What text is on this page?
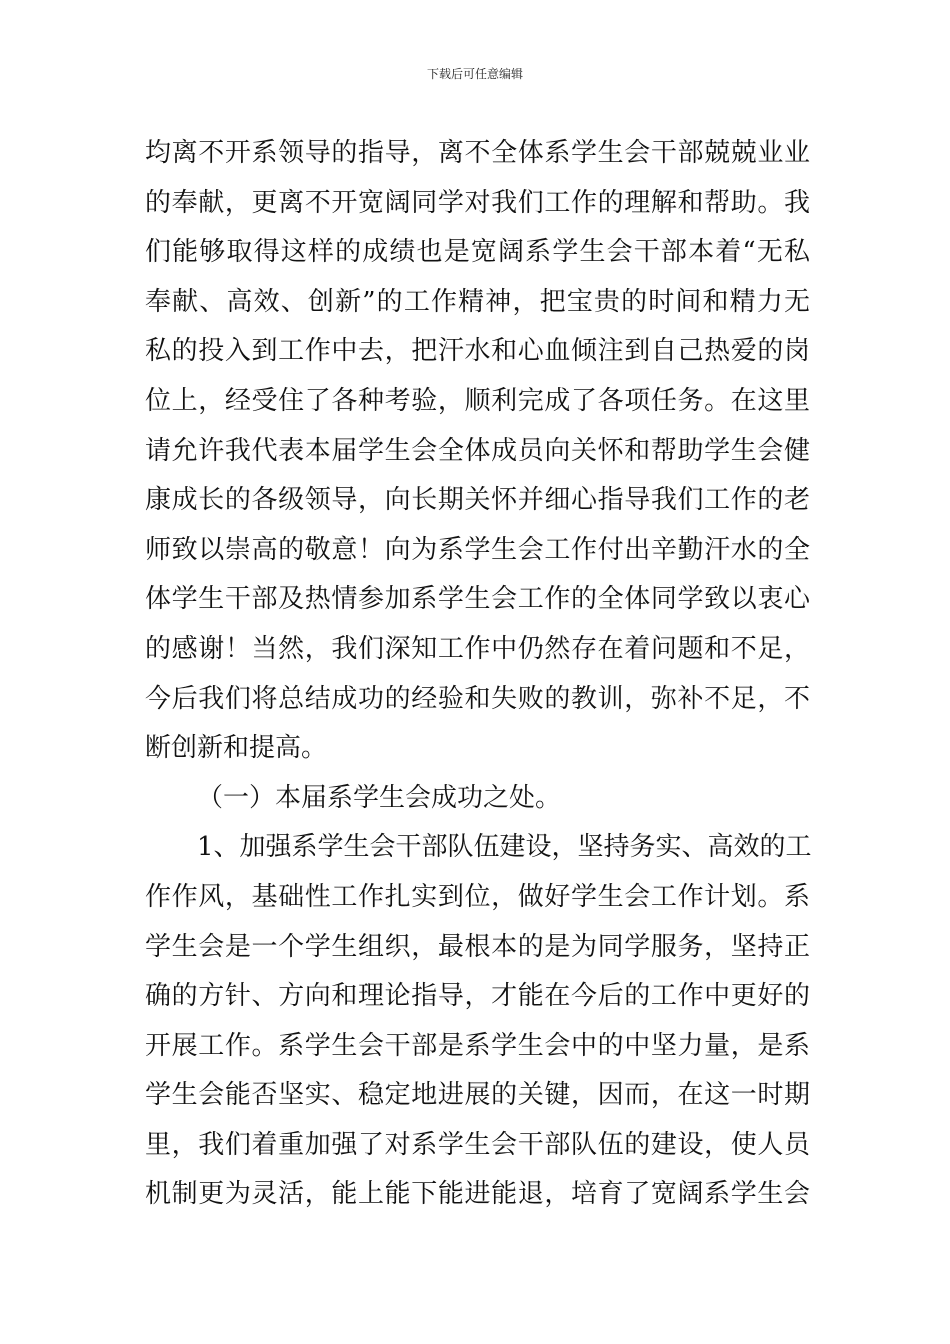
下载后可任意编辑
均离不开系领导的指导，离不全体系学生会干部兢兢业业
的奉献，更离不开宽阔同学对我们工作的理解和帮助。我
们能够取得这样的成绩也是宽阔系学生会干部本着“无私
奉献、高效、创新”的工作精神，把宝贵的时间和精力无
私的投入到工作中去，把汗水和心血倾注到自己热爱的岗
位上，经受住了各种考验，顺利完成了各项任务。在这里
请允许我代表本届学生会全体成员向关怀和帮助学生会健
康成长的各级领导，向长期关怀并细心指导我们工作的老
师致以崇高的敬意！向为系学生会工作付出辛勤汗水的全
体学生干部及热情参加系学生会工作的全体同学致以衷心
的感谢！当然，我们深知工作中仍然存在着问题和不足，
今后我们将总结成功的经验和失败的教训，弥补不足，不
断创新和提高。
（一）本届系学生会成功之处。
1、加强系学生会干部队伍建设，坚持务实、高效的工
作作风，基础性工作扎实到位，做好学生会工作计划。系
学生会是一个学生组织，最根本的是为同学服务，坚持正
确的方针、方向和理论指导，才能在今后的工作中更好的
开展工作。系学生会干部是系学生会中的中坚力量，是系
学生会能否坚实、稳定地进展的关键，因而，在这一时期
里，我们着重加强了对系学生会干部队伍的建设，使人员
机制更为灵活，能上能下能进能退，培育了宽阔系学生会
